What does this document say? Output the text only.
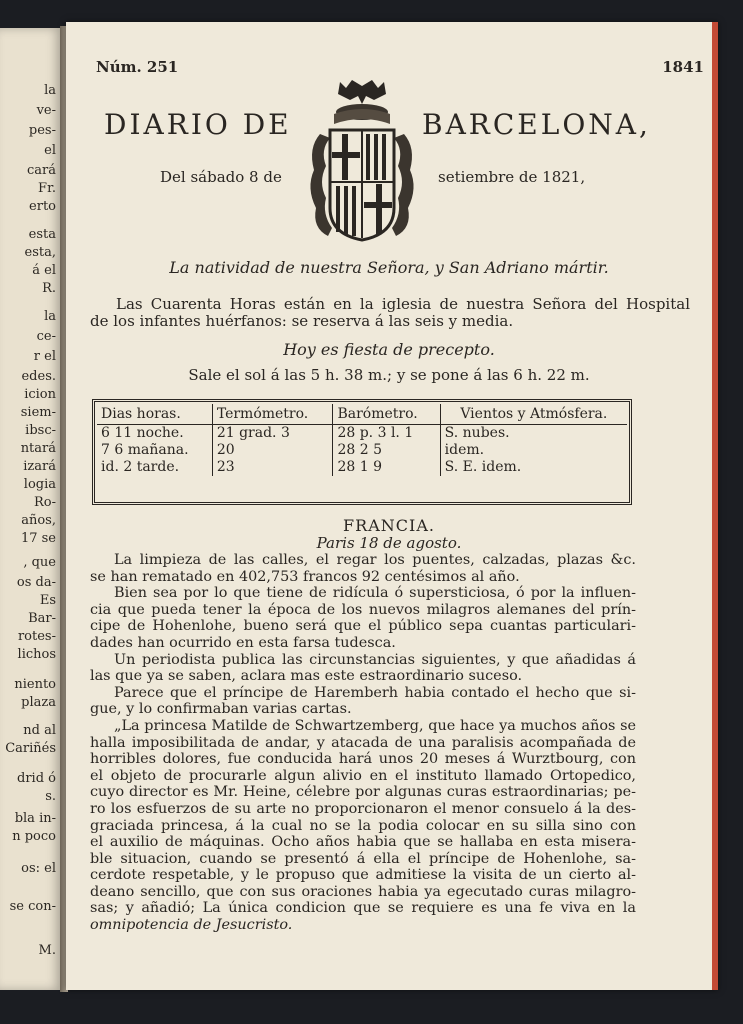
la
ve-
pes-
el
cará
Fr.
erto
esta
esta,
á el
R.
la
ce-
r el
edes.
icion
siem-
ibsc-
ntará
izará
logia
Ro-
años,
17 se
, que
os da-
Es
Bar-
rotes-
lichos
niento
plaza
nd al
Cariñés
drid ó
s.
bla in-
n poco
os: el
se con-
M.
Núm. 251	1841
DIARIO DE	BARCELONA,
Del sábado 8 de	setiembre de 1821,
La natividad de nuestra Señora, y San Adriano mártir.
Las Cuarenta Horas están en la iglesia de nuestra Señora del Hospital
de los infantes huérfanos: se reserva á las seis y media.
Hoy es fiesta de precepto.
Sale el sol á las 5 h. 38 m.; y se pone á las 6 h. 22 m.
Dias horas.	Termómetro.	Barómetro.	Vientos y Atmósfera.
6 11 noche.	21 grad. 3	28 p. 3 l. 1	S. nubes.
7 6 mañana.	20	28 2 5	idem.
id. 2 tarde.	23	28 1 9	S. E. idem.
FRANCIA.
Paris 18 de agosto.
La limpieza de las calles, el regar los puentes, calzadas, plazas &c.
se han rematado en 402,753 francos 92 centésimos al año.
Bien sea por lo que tiene de ridícula ó supersticiosa, ó por la influen-
cia que pueda tener la época de los nuevos milagros alemanes del prín-
cipe de Hohenlohe, bueno será que el público sepa cuantas particulari-
dades han ocurrido en esta farsa tudesca.
Un periodista publica las circunstancias siguientes, y que añadidas á
las que ya se saben, aclara mas este estraordinario suceso.
Parece que el príncipe de Haremberh habia contado el hecho que si-
gue, y lo confirmaban varias cartas.
„La princesa Matilde de Schwartzemberg, que hace ya muchos años se
halla imposibilitada de andar, y atacada de una paralisis acompañada de
horribles dolores, fue conducida hará unos 20 meses á Wurztbourg, con
el objeto de procurarle algun alivio en el instituto llamado Ortopedico,
cuyo director es Mr. Heine, célebre por algunas curas estraordinarias; pe-
ro los esfuerzos de su arte no proporcionaron el menor consuelo á la des-
graciada princesa, á la cual no se la podia colocar en su silla sino con
el auxilio de máquinas. Ocho años habia que se hallaba en esta misera-
ble situacion, cuando se presentó á ella el príncipe de Hohenlohe, sa-
cerdote respetable, y le propuso que admitiese la visita de un cierto al-
deano sencillo, que con sus oraciones habia ya egecutado curas milagro-
sas; y añadió; La única condicion que se requiere es una fe viva en la
omnipotencia de Jesucristo.
